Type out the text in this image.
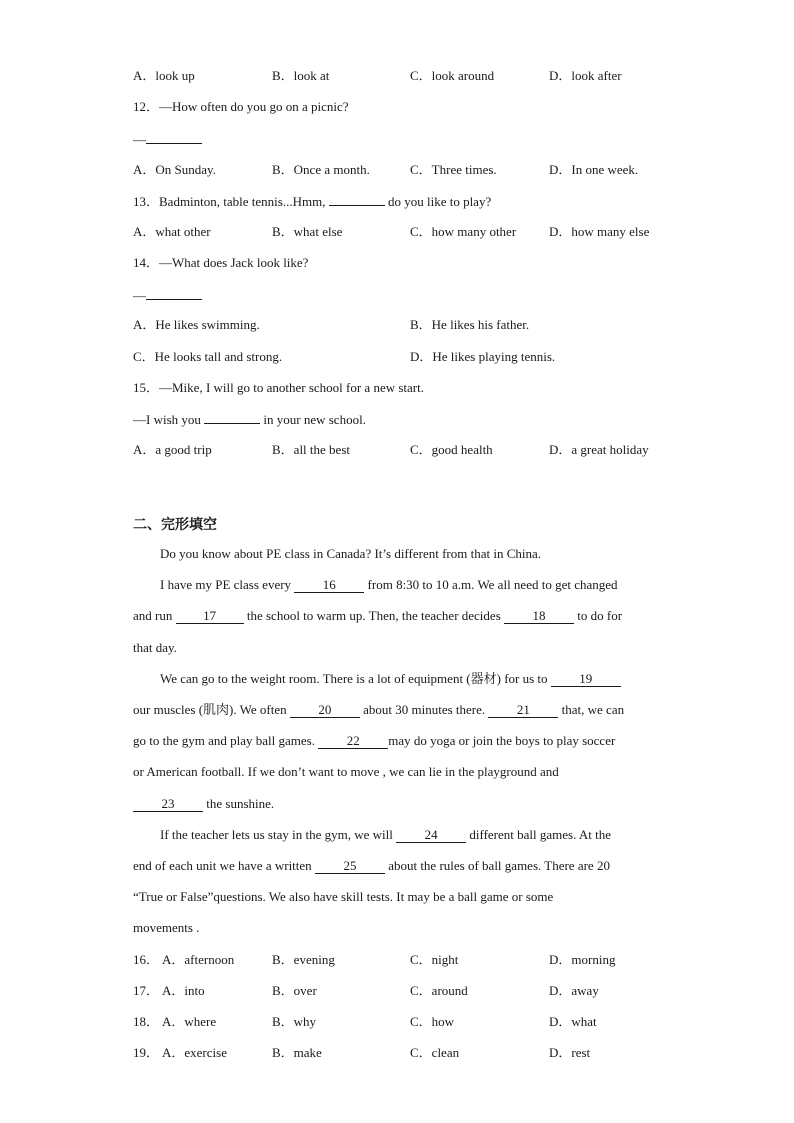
A．look up	B．look at	C．look around	D．look after
12．—How often do you go on a picnic?
—
A．On Sunday.	B．Once a month.	C．Three times.	D．In one week.
13．Badminton, table tennis...Hmm,	do you like to play?
A．what other	B．what else	C．how many other	D．how many else
14．—What does Jack look like?
—
A．He likes swimming.	B．He likes his father.
C．He looks tall and strong.	D．He likes playing tennis.
15．—Mike, I will go to another school for a new start.
—I wish you	in your new school.
A．a good trip	B．all the best	C．good health	D．a great holiday
二、完形填空
Do you know about PE class in Canada? It’s different from that in China.
I have my PE class every 16 from 8:30 to 10 a.m. We all need to get changed
and run 17 the school to warm up. Then, the teacher decides 18 to do for
that day.
We can go to the weight room. There is a lot of equipment (器材) for us to 19
our muscles (肌肉). We often 20 about 30 minutes there. 21 that, we can
go to the gym and play ball games. 22 may do yoga or join the boys to play soccer
or American football. If we don’t want to move , we can lie in the playground and
23 the sunshine.
If the teacher lets us stay in the gym, we will 24 different ball games. At the
end of each unit we have a written 25 about the rules of ball games. There are 20
“True or False”questions. We also have skill tests. It may be a ball game or some
movements .
16． A．afternoon	B．evening	C．night	D．morning
17． A．into	B．over	C．around	D．away
18． A．where	B．why	C．how	D．what
19． A．exercise	B．make	C．clean	D．rest
